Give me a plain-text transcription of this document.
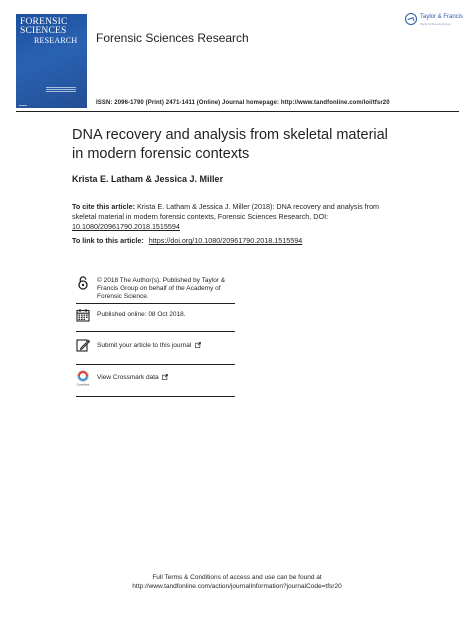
FORENSIC
SCIENCES
RESEARCH	Forensic Sciences Research
Taylor & Francis
Taylor & Francis Group
ISSN: 2096-1790 (Print) 2471-1411 (Online) Journal homepage: http://www.tandfonline.com/loi/tfsr20
DNA recovery and analysis from skeletal material
in modern forensic contexts
Krista E. Latham & Jessica J. Miller
To cite this article: Krista E. Latham & Jessica J. Miller (2018): DNA recovery and analysis from skeletal material in modern forensic contexts, Forensic Sciences Research, DOI: 10.1080/20961790.2018.1515594
To link to this article: https://doi.org/10.1080/20961790.2018.1515594
© 2018 The Author(s). Published by Taylor & Francis Group on behalf of the Academy of Forensic Science.
Published online: 08 Oct 2018.
Submit your article to this journal
CrossMark
View Crossmark data
Full Terms & Conditions of access and use can be found at
http://www.tandfonline.com/action/journalInformation?journalCode=tfsr20
